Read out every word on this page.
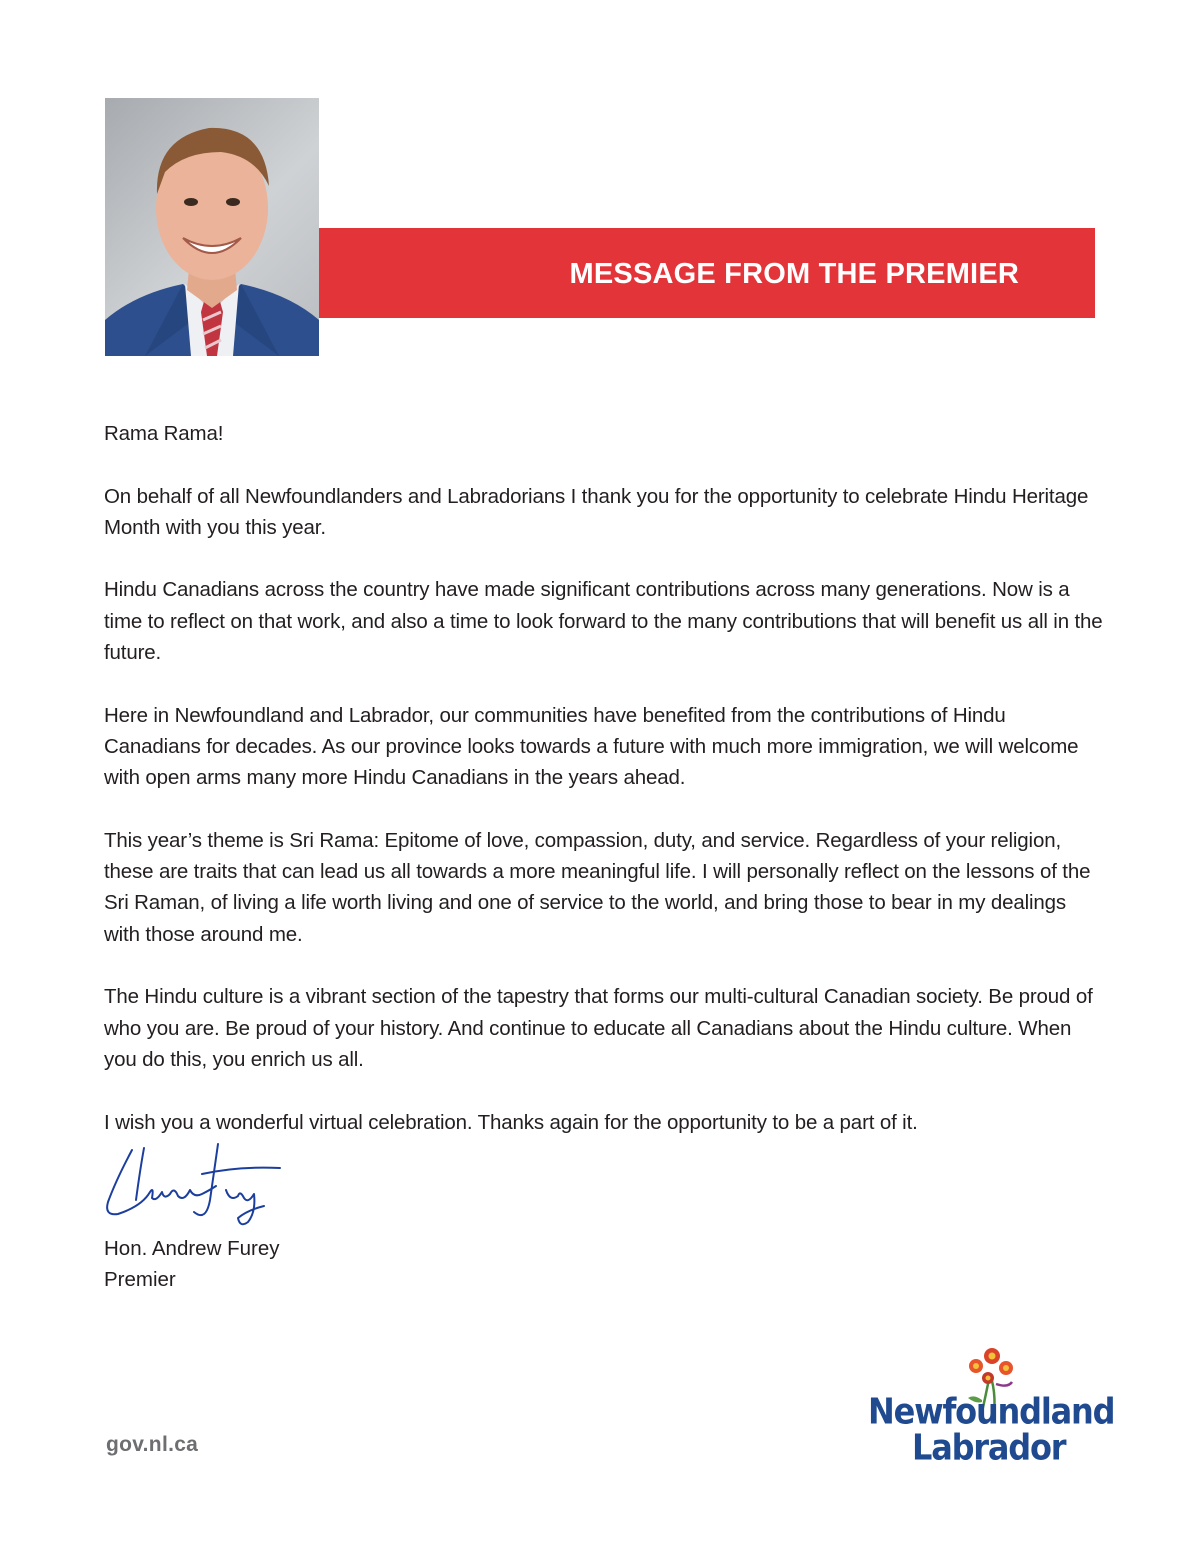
MESSAGE FROM THE PREMIER

Rama Rama!

On behalf of all Newfoundlanders and Labradorians I thank you for the opportunity to celebrate Hindu Heritage Month with you this year.

Hindu Canadians across the country have made significant contributions across many generations. Now is a time to reflect on that work, and also a time to look forward to the many contributions that will benefit us all in the future.

Here in Newfoundland and Labrador, our communities have benefited from the contributions of Hindu Canadians for decades. As our province looks towards a future with much more immigration, we will welcome with open arms many more Hindu Canadians in the years ahead.

This year’s theme is Sri Rama: Epitome of love, compassion, duty, and service. Regardless of your religion, these are traits that can lead us all towards a more meaningful life. I will personally reflect on the lessons of the Sri Raman, of living a life worth living and one of service to the world, and bring those to bear in my dealings with those around me.

The Hindu culture is a vibrant section of the tapestry that forms our multi-cultural Canadian society. Be proud of who you are. Be proud of your history. And continue to educate all Canadians about the Hindu culture. When you do this, you enrich us all.

I wish you a wonderful virtual celebration. Thanks again for the opportunity to be a part of it.

Hon. Andrew Furey
Premier
gov.nl.ca
Newfoundland
Labrador
